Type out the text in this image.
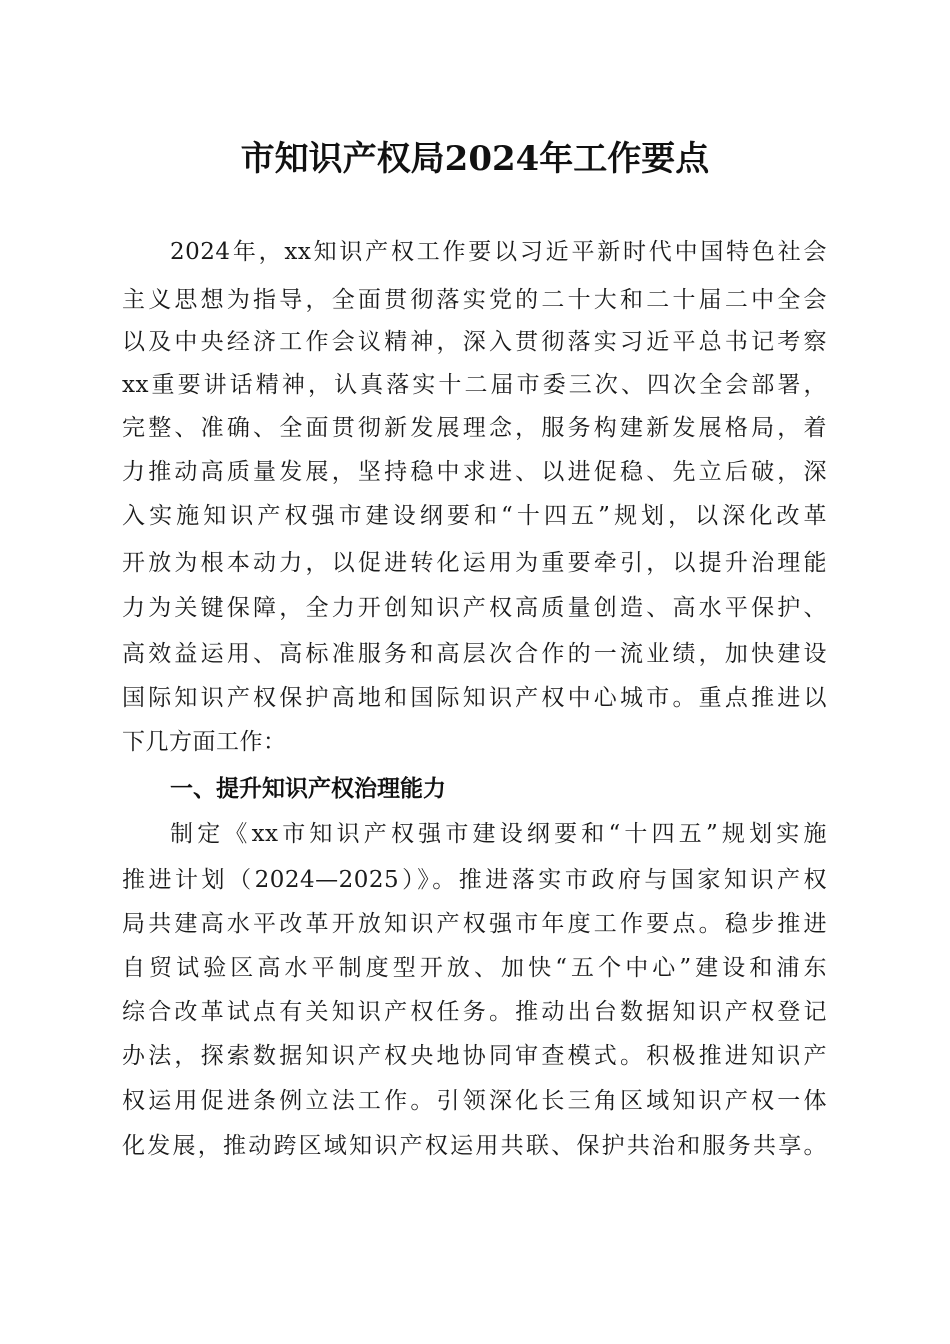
市知识产权局2024年工作要点
2024年，xx知识产权工作要以习近平新时代中国特色社会
主义思想为指导，全面贯彻落实党的二十大和二十届二中全会
以及中央经济工作会议精神，深入贯彻落实习近平总书记考察
xx重要讲话精神，认真落实十二届市委三次、四次全会部署，
完整、准确、全面贯彻新发展理念，服务构建新发展格局，着
力推动高质量发展，坚持稳中求进、以进促稳、先立后破，深
入实施知识产权强市建设纲要和“十四五”规划，以深化改革
开放为根本动力，以促进转化运用为重要牵引，以提升治理能
力为关键保障，全力开创知识产权高质量创造、高水平保护、
高效益运用、高标准服务和高层次合作的一流业绩，加快建设
国际知识产权保护高地和国际知识产权中心城市。重点推进以
下几方面工作：
一、提升知识产权治理能力
制定《xx市知识产权强市建设纲要和“十四五”规划实施
推进计划（2024—2025）》。推进落实市政府与国家知识产权
局共建高水平改革开放知识产权强市年度工作要点。稳步推进
自贸试验区高水平制度型开放、加快“五个中心”建设和浦东
综合改革试点有关知识产权任务。推动出台数据知识产权登记
办法，探索数据知识产权央地协同审查模式。积极推进知识产
权运用促进条例立法工作。引领深化长三角区域知识产权一体
化发展，推动跨区域知识产权运用共联、保护共治和服务共享。
